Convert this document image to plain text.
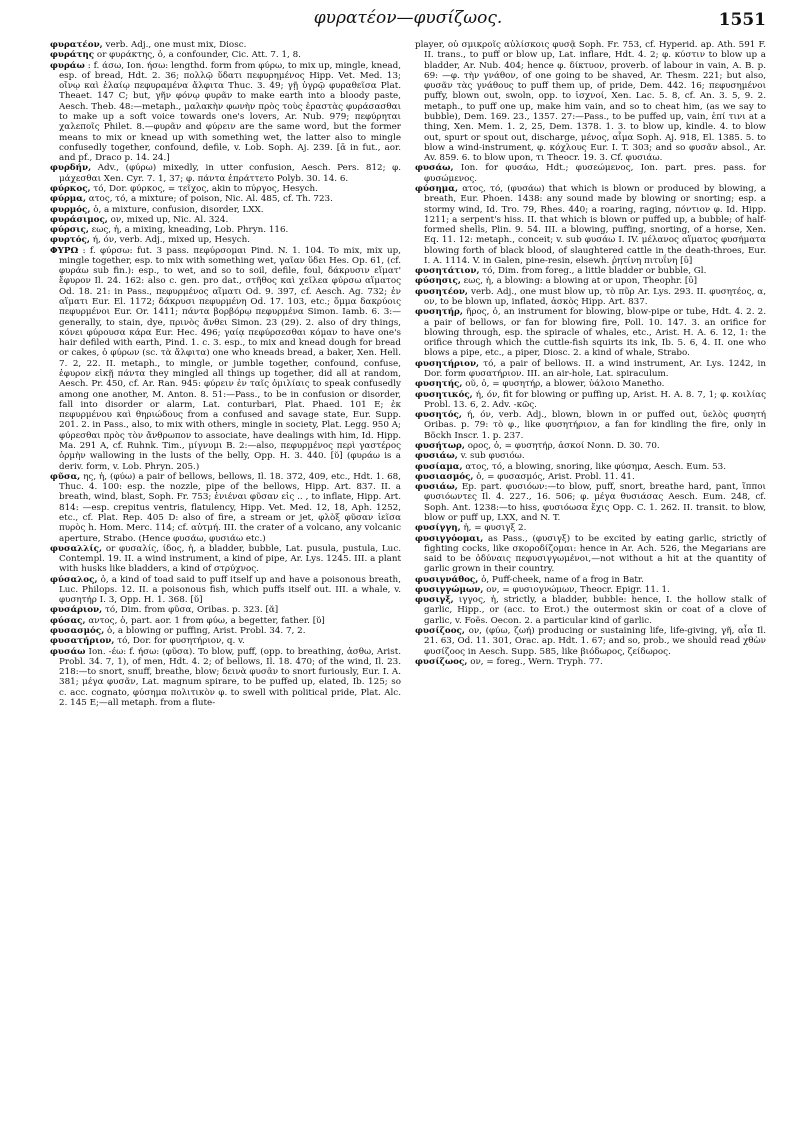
φυρατέον—φυσίζωος.	1551

φυρατέον, verb. Adj., one must mix, Diosc.

φυράτης or φυράκτης, ὁ, a confounder, Cic. Att. 7. 1, 8.

φυράω : f. άσω, Ion. ήσω: lengthd. form from φύρω, to mix up, mingle, knead, esp. of bread, Hdt. 2. 36; πολλῷ ὕδατι πεφυρημένος Hipp. Vet. Med. 13; οἴνῳ καὶ ἐλαίῳ πεφυραμένα ἄλφιτα Thuc. 3. 49; γῇ ὑγρῷ φυραθεῖσα Plat. Theaet. 147 C; but, γῆν φόνῳ φυρᾶν to make earth into a bloody paste, Aesch. Theb. 48:—metaph., μαλακὴν φωνὴν πρὸς τοὺς ἐραστὰς φυράσασθαι to make up a soft voice towards one's lovers, Ar. Nub. 979; πεφύρηται χαλεποῖς Philet. 8.—φυρᾶν and φύρειν are the same word, but the former means to mix or knead up with something wet, the latter also to mingle confusedly together, confound, defile, v. Lob. Soph. Aj. 239. [ᾱ in fut., aor. and pf., Draco p. 14. 24.]

φυρδήν, Adv., (φύρω) mixedly, in utter confusion, Aesch. Pers. 812; φ. μάχεσθαι Xen. Cyr. 7. 1, 37; φ. πάντα ἐπράττετο Polyb. 30. 14. 6.

φύρκος, τό, Dor. φύρκος, = τεῖχος, akin to πύργος, Hesych.

φύρμα, ατος, τό, a mixture; of poison, Nic. Al. 485, cf. Th. 723.

φυρμός, ὁ, a mixture, confusion, disorder, LXX.

φυράσιμος, ον, mixed up, Nic. Al. 324.

φύρσις, εως, ἡ, a mixing, kneading, Lob. Phryn. 116.

φυρτός, ή, όν, verb. Adj., mixed up, Hesych.

ΦΥΡΩ : f. φύρσω: fut. 3 pass. πεφύρσομαι Pind. N. 1. 104. To mix, mix up, mingle together, esp. to mix with something wet, γαῖαν ὕδει Hes. Op. 61, (cf. φυράω sub fin.): esp., to wet, and so to soil, defile, foul, δάκρυσιν εἵματ' ἔφυρον Il. 24. 162: also c. gen. pro dat., στῆθος καὶ χεῖλεα φύρσω αἵματος Od. 18. 21: in Pass., πεφυρμένος αἵματι Od. 9. 397, cf. Aesch. Ag. 732; ἐν αἵματι Eur. El. 1172; δάκρυσι πεφυρμένη Od. 17. 103, etc.; ὄμμα δακρύοις πεφυρμένοι Eur. Or. 1411; πάντα βορβόρῳ πεφυρμένα Simon. Iamb. 6. 3:—generally, to stain, dye, πρινὸς ἄνθει Simon. 23 (29). 2. also of dry things, κόνει φύρουσα κάρα Eur. Hec. 496; γαίᾳ πεφύρσεσθαι κόμαν to have one's hair defiled with earth, Pind. 1. c. 3. esp., to mix and knead dough for bread or cakes, ὁ φύρων (sc. τὰ ἄλφιτα) one who kneads bread, a baker, Xen. Hell. 7. 2, 22. II. metaph., to mingle, or jumble together, confound, confuse, ἐφυρον εἰκῇ πάντα they mingled all things up together, did all at random, Aesch. Pr. 450, cf. Ar. Ran. 945: φύρειν ἐν ταῖς ὁμιλίαις to speak confusedly among one another, M. Anton. 8. 51:—Pass., to be in confusion or disorder, fall into disorder or alarm, Lat. conturbari, Plat. Phaed. 101 E; ἐκ πεφυρμένου καὶ θηριώδους from a confused and savage state, Eur. Supp. 201. 2. in Pass., also, to mix with others, mingle in society, Plat. Legg. 950 A; φύρεσθαι πρὸς τὸν ἄνθρωπον to associate, have dealings with him, Id. Hipp. Ma. 291 A, cf. Ruhnk. Tim., μίγνυμι B. 2:—also, πεφυρμένος περὶ γαστέρος ὀρμὴν wallowing in the lusts of the belly, Opp. H. 3. 440. [ῠ] (φυράω is a deriv. form, v. Lob. Phryn. 205.)

φῦσα, ης, ἡ, (φύω) a pair of bellows, bellows, Il. 18. 372, 409, etc., Hdt. 1. 68, Thuc. 4. 100: esp. the nozzle, pipe of the bellows, Hipp. Art. 837. II. a breath, wind, blast, Soph. Fr. 753; ἐνιέναι φῦσαν εἰς .. , to inflate, Hipp. Art. 814: —esp. crepitus ventris, flatulency, Hipp. Vet. Med. 12, 18, Aph. 1252, etc., cf. Plat. Rep. 405 D: also of fire, a stream or jet, φλὸξ φῦσαν ἱεῖσα πυρὸς h. Hom. Merc. 114; cf. αὐτμή. III. the crater of a volcano, any volcanic aperture, Strabo. (Hence φυσάω, φυσιάω etc.)

φυσαλλίς, or φυσαλίς, ίδος, ἡ, a bladder, bubble, Lat. pusula, pustula, Luc. Contempl. 19. II. a wind instrument, a kind of pipe, Ar. Lys. 1245. III. a plant with husks like bladders, a kind of στρύχνος.

φύσαλος, ὁ, a kind of toad said to puff itself up and have a poisonous breath, Luc. Philops. 12. II. a poisonous fish, which puffs itself out. III. a whale, v. φυσητήρ I. 3, Opp. H. 1. 368. [ῠ]

φυσάριον, τό, Dim. from φῦσα, Oribas. p. 323. [ᾰ]

φύσας, αντος, ὁ, part. aor. 1 from φύω, a begetter, father. [ῠ]

φυσασμός, ὁ, a blowing or puffing, Arist. Probl. 34. 7, 2.

φυσατήριον, τό, Dor. for φυσητήριον, q. v.

φυσάω Ion. -έω: f. ήσω: (φῦσα). To blow, puff, (opp. to breathing, ἀσθω, Arist. Probl. 34. 7, 1), of men, Hdt. 4. 2; of bellows, Il. 18. 470; of the wind, Il. 23. 218:—to snort, snuff, breathe, blow; δεινὰ φυσᾶν to snort furiously, Eur. I. A. 381; μέγα φυσᾶν, Lat. magnum spirare, to be puffed up, elated, Ib. 125; so c. acc. cognato, φύσημα πολιτικὸν φ. to swell with political pride, Plat. Alc. 2. 145 E;—all metaph. from a flute-

player, οὐ σμικροῖς αὐλίσκοις φυσᾷ Soph. Fr. 753, cf. Hyperid. ap. Ath. 591 F. II. trans., to puff or blow up, Lat. inflare, Hdt. 4. 2; φ. κύστιν to blow up a bladder, Ar. Nub. 404; hence φ. δίκτυον, proverb. of labour in vain, A. B. p. 69: —φ. τὴν γνάθον, of one going to be shaved, Ar. Thesm. 221; but also, φυσᾶν τὰς γνάθους to puff them up, of pride, Dem. 442. 16; πεφυσημένοι puffy, blown out, swoln, opp. to ἰσχνοί, Xen. Lac. 5. 8, cf. An. 3. 5, 9. 2. metaph., to puff one up, make him vain, and so to cheat him, (as we say to bubble), Dem. 169. 23., 1357. 27:—Pass., to be puffed up, vain, ἐπί τινι at a thing, Xen. Mem. 1. 2, 25, Dem. 1378. 1. 3. to blow up, kindle. 4. to blow out, spurt or spout out, discharge, μένος, αἷμα Soph. Aj. 918, El. 1385. 5. to blow a wind-instrument, φ. κόχλους Eur. I. T. 303; and so φυσᾶν absol., Ar. Av. 859. 6. to blow upon, τι Theocr. 19. 3. Cf. φυσιάω.

φυσάω, Ion. for φυσάω, Hdt.; φυσεώμενος, Ion. part. pres. pass. for φυσώμενος.

φύσημα, ατος, τό, (φυσάω) that which is blown or produced by blowing, a breath, Eur. Phoen. 1438: any sound made by blowing or snorting; esp. a stormy wind, Id. Tro. 79, Rhes. 440; a roaring, raging, πόντιον φ. Id. Hipp. 1211; a serpent's hiss. II. that which is blown or puffed up, a bubble; of half-formed shells, Plin. 9. 54. III. a blowing, puffing, snorting, of a horse, Xen. Eq. 11. 12: metaph., conceit; v. sub φυσάω I. IV. μέλανος αἵματος φυσήματα blowing forth of black blood, of slaughtered cattle in the death-throes, Eur. I. A. 1114. V. in Galen, pine-resin, elsewh. ῥητίνη πιτυΐνη [ῡ]

φυσητάτιον, τό, Dim. from foreg., a little bladder or bubble, Gl.

φύσησις, εως, ἡ, a blowing: a blowing at or upon, Theophr. [ῡ]

φυσητέον, verb. Adj., one must blow up, τὸ πῦρ Ar. Lys. 293. II. φυσητέος, α, ον, to be blown up, inflated, ἀσκὸς Hipp. Art. 837.

φυσητήρ, ῆρος, ὁ, an instrument for blowing, blow-pipe or tube, Hdt. 4. 2. 2. a pair of bellows, or fan for blowing fire, Poll. 10. 147. 3. an orifice for blowing through, esp. the spiracle of whales, etc., Arist. H. A. 6. 12, 1: the orifice through which the cuttle-fish squirts its ink, Ib. 5. 6, 4. II. one who blows a pipe, etc., a piper, Diosc. 2. a kind of whale, Strabo.

φυσητήριον, τό, a pair of bellows. II. a wind instrument, Ar. Lys. 1242, in Dor. form φυσατήριον. III. an air-hole, Lat. spiraculum.

φυσητής, οῦ, ὁ, = φυσητήρ, a blower, ὑάλοιο Manetho.

φυσητικός, ή, όν, fit for blowing or puffing up, Arist. H. A. 8. 7, 1; φ. κοιλίας Probl. 13. 6, 2. Adv. -κῶς.

φυσητός, ή, όν, verb. Adj., blown, blown in or puffed out, ὑελὸς φυσητή Oribas. p. 79: τὸ φ., like φυσητήριον, a fan for kindling the fire, only in Böckh Inscr. 1. p. 237.

φυσήτωρ, ορος, ὁ, = φυσητήρ, ἀσκοί Nonn. D. 30. 70.

φυσιάω, v. sub φυσιόω.

φυσίαμα, ατος, τό, a blowing, snoring, like φύσημα, Aesch. Eum. 53.

φυσιασμός, ὁ, = φυσασμός, Arist. Probl. 11. 41.

φυσιάω, Ep. part. φυσιόων:—to blow, puff, snort, breathe hard, pant, ἵπποι φυσιόωντες Il. 4. 227., 16. 506; φ. μέγα θυσιάσας Aesch. Eum. 248, cf. Soph. Ant. 1238:—to hiss, φυσιόωσα ἔχις Opp. C. 1. 262. II. transit. to blow, blow or puff up, LXX, and N. T.

φυσίγγη, ἡ, = φυσιγξ 2.

φυσιγγόομαι, as Pass., (φυσιγξ) to be excited by eating garlic, strictly of fighting cocks, like σκοροδίζομαι: hence in Ar. Ach. 526, the Megarians are said to be ὀδύναις πεφυσιγγωμένοι,—not without a hit at the quantity of garlic grown in their country.

φυσιγνάθος, ὁ, Puff-cheek, name of a frog in Batr.

φυσιγγώμων, ον, = φυσιογνώμων, Theocr. Epigr. 11. 1.

φυσιγξ, ιγγος, ἡ, strictly, a bladder, bubble: hence, I. the hollow stalk of garlic, Hipp., or (acc. to Erot.) the outermost skin or coat of a clove of garlic, v. Foës. Oecon. 2. a particular kind of garlic.

φυσίζοος, ον, (φύω, ζωή) producing or sustaining life, life-giving, γῆ, αἶα Il. 21. 63, Od. 11. 301, Orac. ap. Hdt. 1. 67; and so, prob., we should read χθὼν φυσίζοος in Aesch. Supp. 585, like βιόδωρος, ζείδωρος.

φυσίζωος, ον, = foreg., Wern. Tryph. 77.
